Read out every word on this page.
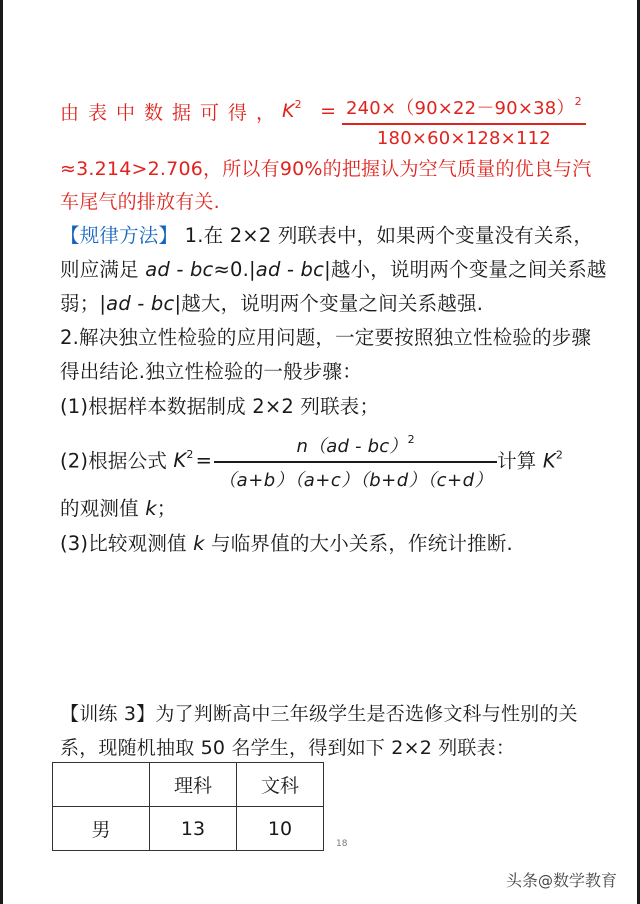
由表中数据可得，
$K^2 = 240\times(90\times 22-90\times 38)^2$
180×60×128×112
≈3.214>2.706，所以有90%的把握认为空气质量的优良与汽
车尾气的排放有关.
【规律方法】 1.在 2×2 列联表中，如果两个变量没有关系，
则应满足 ad - bc≈0.|ad - bc|越小，说明两个变量之间关系越
弱；|ad - bc|越大，说明两个变量之间关系越强.
2.解决独立性检验的应用问题，一定要按照独立性检验的步骤
得出结论.独立性检验的一般步骤：
(1)根据样本数据制成 2×2 列联表；
(2)根据公式 $K^2 = \frac{n(ad - bc)^2}{(a+b)(a+c)(b+d)(c+d)}$ 计算 $K^2$
的观测值 k；
(3)比较观测值 k 与临界值的大小关系，作统计推断.
【训练 3】为了判断高中三年级学生是否选修文科与性别的关
系，现随机抽取 50 名学生，得到如下 2×2 列联表：
	理科	文科
男	13	10
18
头条@数学教育
